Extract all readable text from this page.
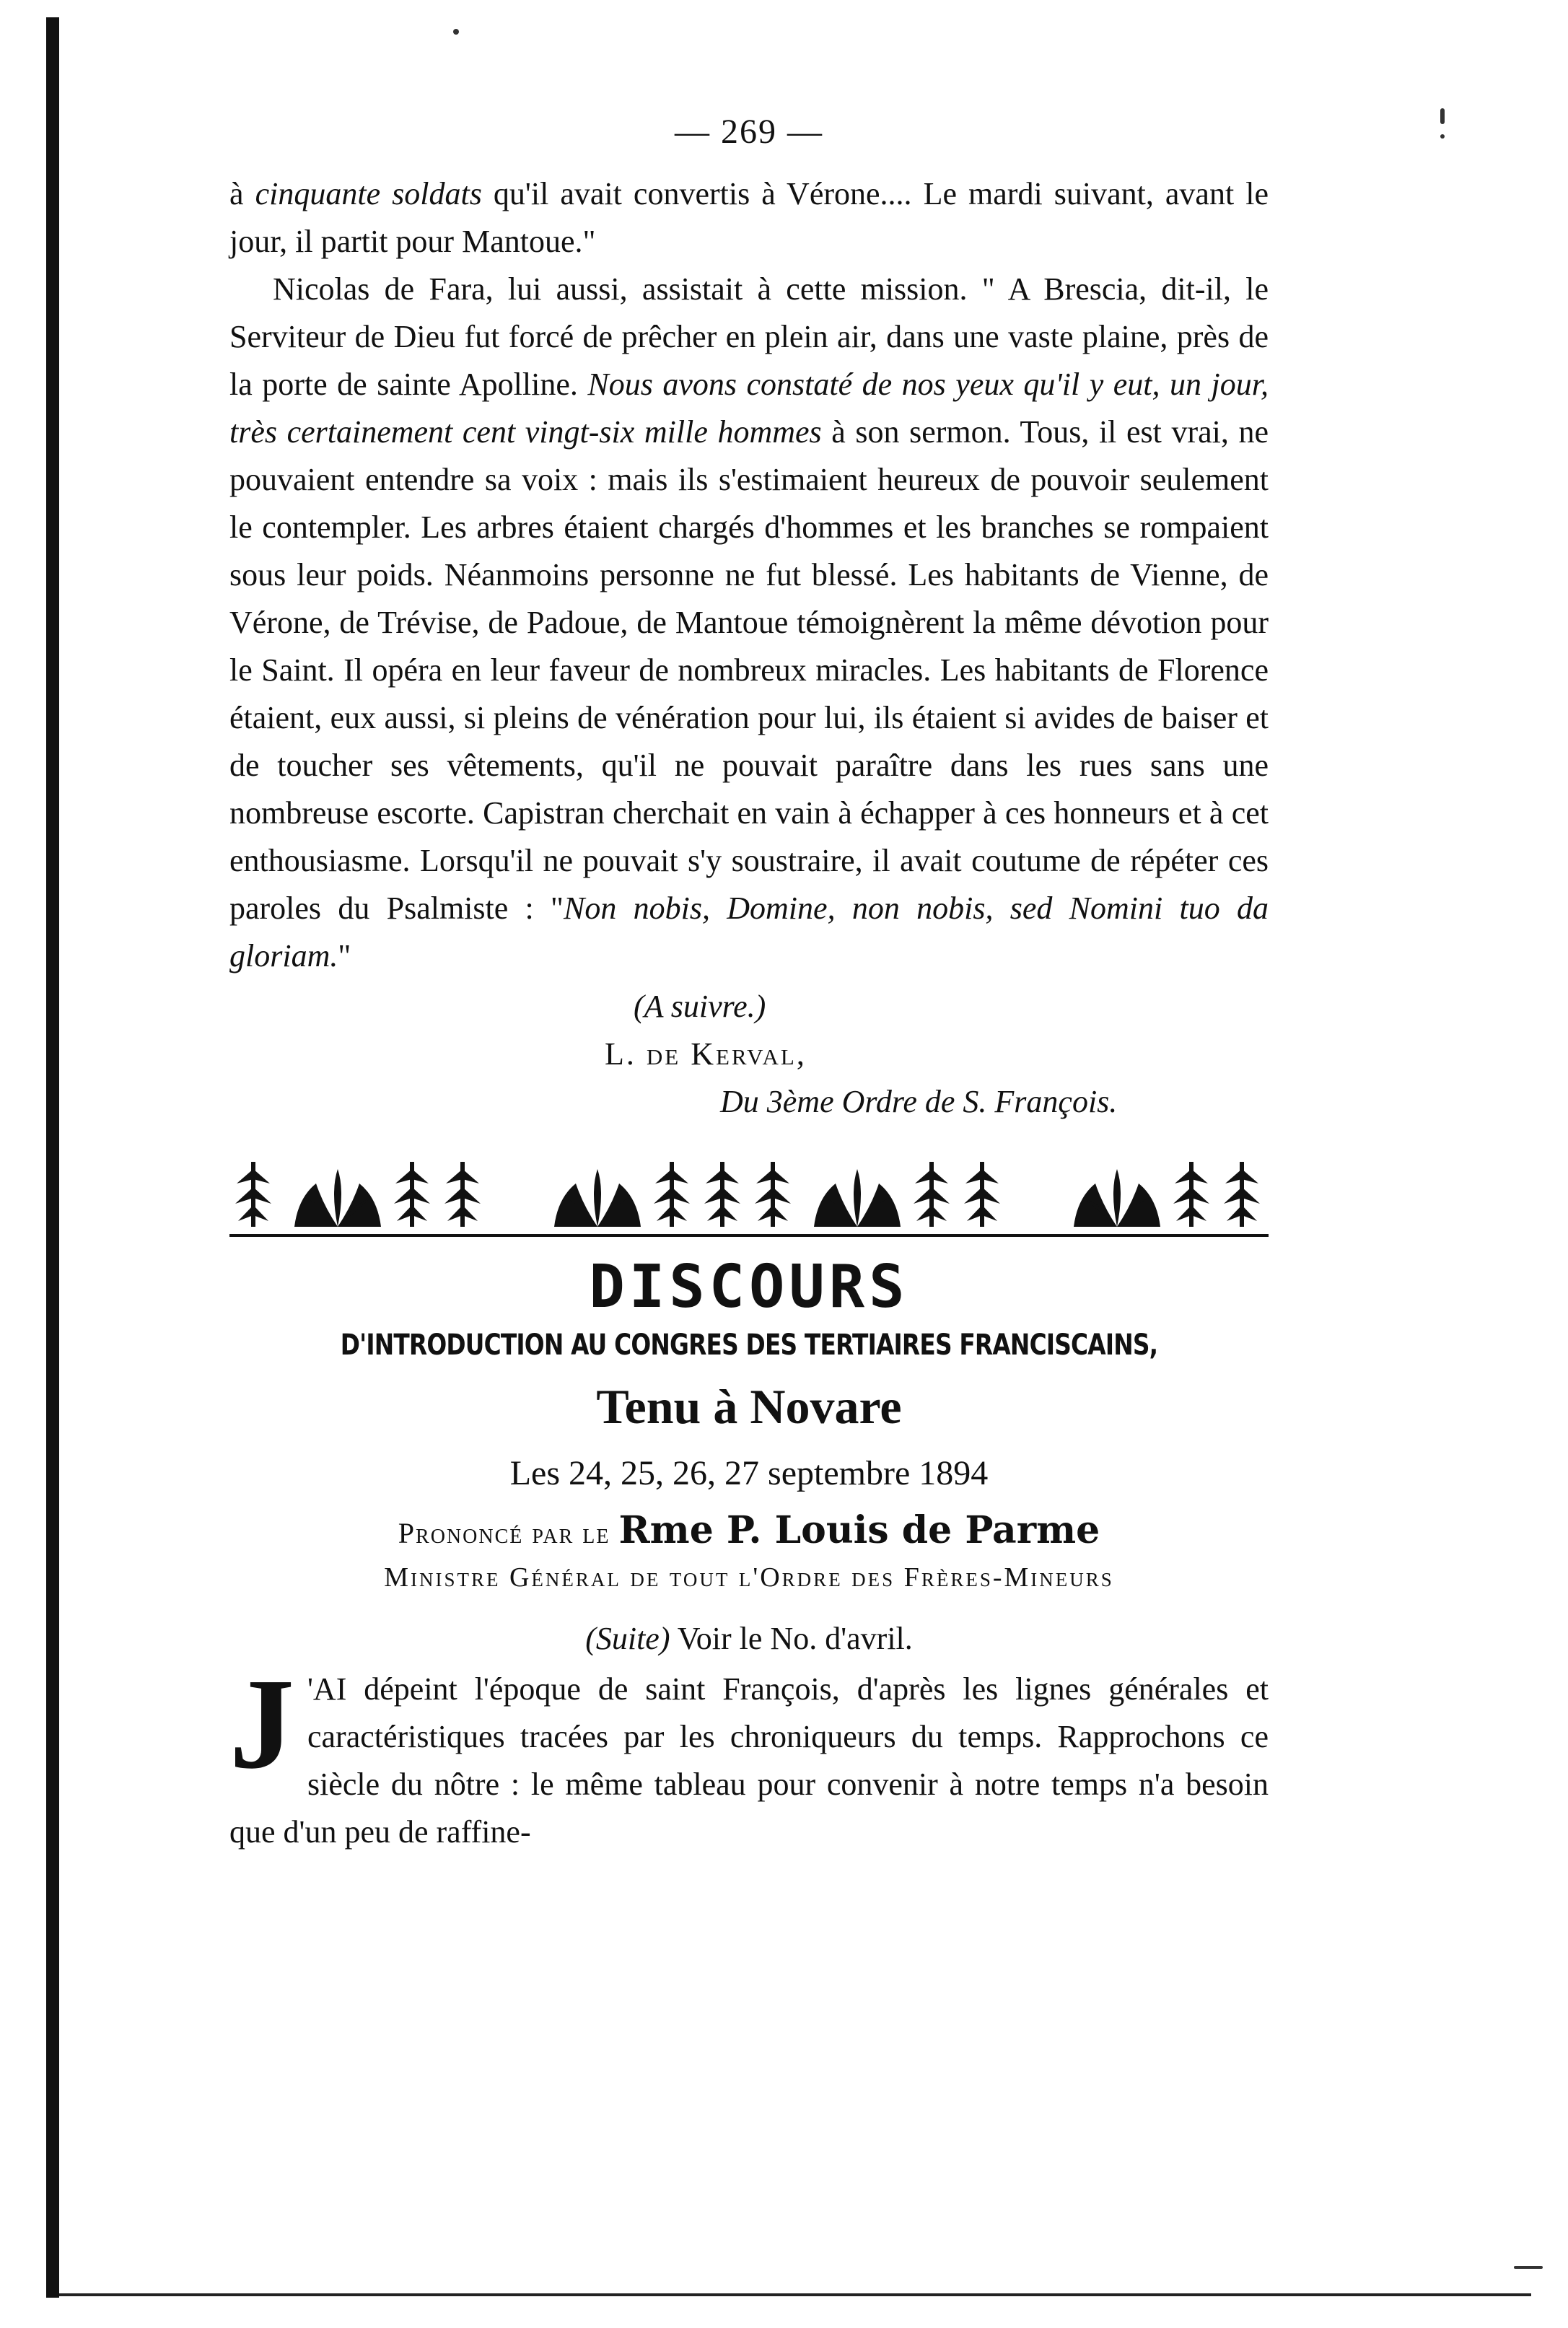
— 269 —

à cinquante soldats qu'il avait convertis à Vérone.... Le mardi suivant, avant le jour, il partit pour Mantoue."

Nicolas de Fara, lui aussi, assistait à cette mission. " A Brescia, dit-il, le Serviteur de Dieu fut forcé de prêcher en plein air, dans une vaste plaine, près de la porte de sainte Apolline. Nous avons constaté de nos yeux qu'il y eut, un jour, très certainement cent vingt-six mille hommes à son sermon. Tous, il est vrai, ne pouvaient entendre sa voix : mais ils s'estimaient heureux de pouvoir seulement le contempler. Les arbres étaient chargés d'hommes et les branches se rompaient sous leur poids. Néanmoins personne ne fut blessé. Les habitants de Vienne, de Vérone, de Trévise, de Padoue, de Mantoue témoignèrent la même dévotion pour le Saint. Il opéra en leur faveur de nombreux miracles. Les habitants de Florence étaient, eux aussi, si pleins de vénération pour lui, ils étaient si avides de baiser et de toucher ses vêtements, qu'il ne pouvait paraître dans les rues sans une nombreuse escorte. Capistran cherchait en vain à échapper à ces honneurs et à cet enthousiasme. Lorsqu'il ne pouvait s'y soustraire, il avait coutume de répéter ces paroles du Psalmiste : "Non nobis, Domine, non nobis, sed Nomini tuo da gloriam."

(A suivre.)
L. de Kerval,
Du 3ème Ordre de S. François.
DISCOURS
D'INTRODUCTION AU CONGRES DES TERTIAIRES FRANCISCAINS,
Tenu à Novare
Les 24, 25, 26, 27 septembre 1894
Prononcé par le Rme P. Louis de Parme
Ministre Général de tout l'Ordre des Frères-Mineurs
(Suite) Voir le No. d'avril.

J 'AI dépeint l'époque de saint François, d'après les lignes générales et caractéristiques tracées par les chroniqueurs du temps. Rapprochons ce siècle du nôtre : le même tableau pour convenir à notre temps n'a besoin que d'un peu de raffine-
